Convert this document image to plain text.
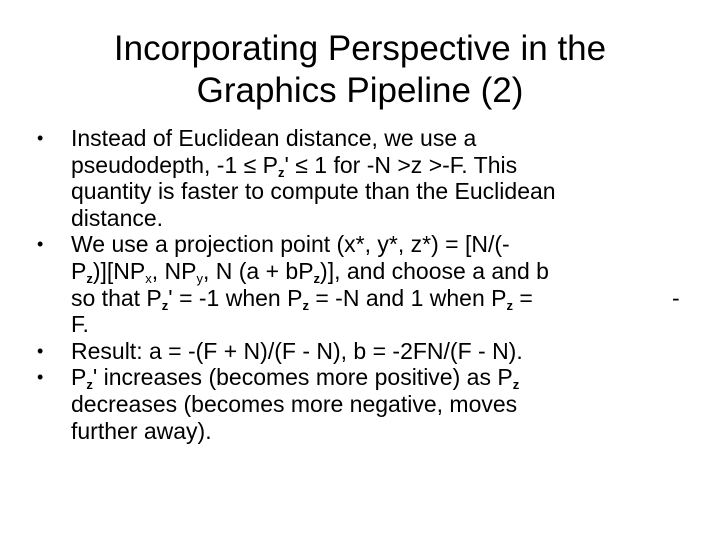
Incorporating Perspective in the
Graphics Pipeline (2)
• Instead of Euclidean distance, we use a
pseudodepth, $-1 \le P_z' \le 1$ for -N >z >-F. This
quantity is faster to compute than the Euclidean
distance.
• We use a projection point (x*, y*, z*) = [N/(-
$P_z)][NP_x$, $NP_y$, N $(a + bP_z)$], and choose a and b
so that $P_z' = -1$ when $P_z = -N$ and 1 when $P_z$ =	-
F.
• Result: a = -(F + N)/(F - N), b = -2FN/(F - N).
• $P_z'$ increases (becomes more positive) as $P_z$
decreases (becomes more negative, moves
further away).
